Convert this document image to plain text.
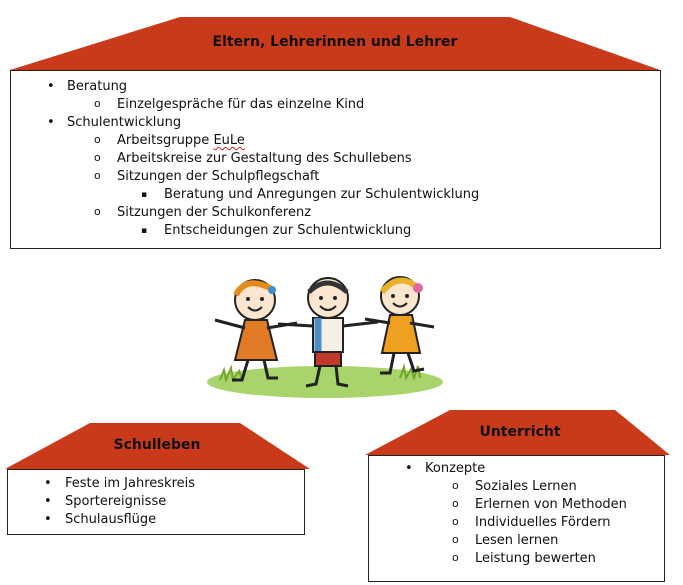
Eltern, Lehrerinnen und Lehrer
Schulleben
Unterricht
• Beratung
o Einzelgespräche für das einzelne Kind
• Schulentwicklung
o Arbeitsgruppe EuLe
o Arbeitskreise zur Gestaltung des Schullebens
o Sitzungen der Schulpflegschaft
▪ Beratung und Anregungen zur Schulentwicklung
o Sitzungen der Schulkonferenz
▪ Entscheidungen zur Schulentwicklung
• Feste im Jahreskreis
• Sportereignisse
• Schulausflüge
• Konzepte
o Soziales Lernen
o Erlernen von Methoden
o Individuelles Fördern
o Lesen lernen
o Leistung bewerten
